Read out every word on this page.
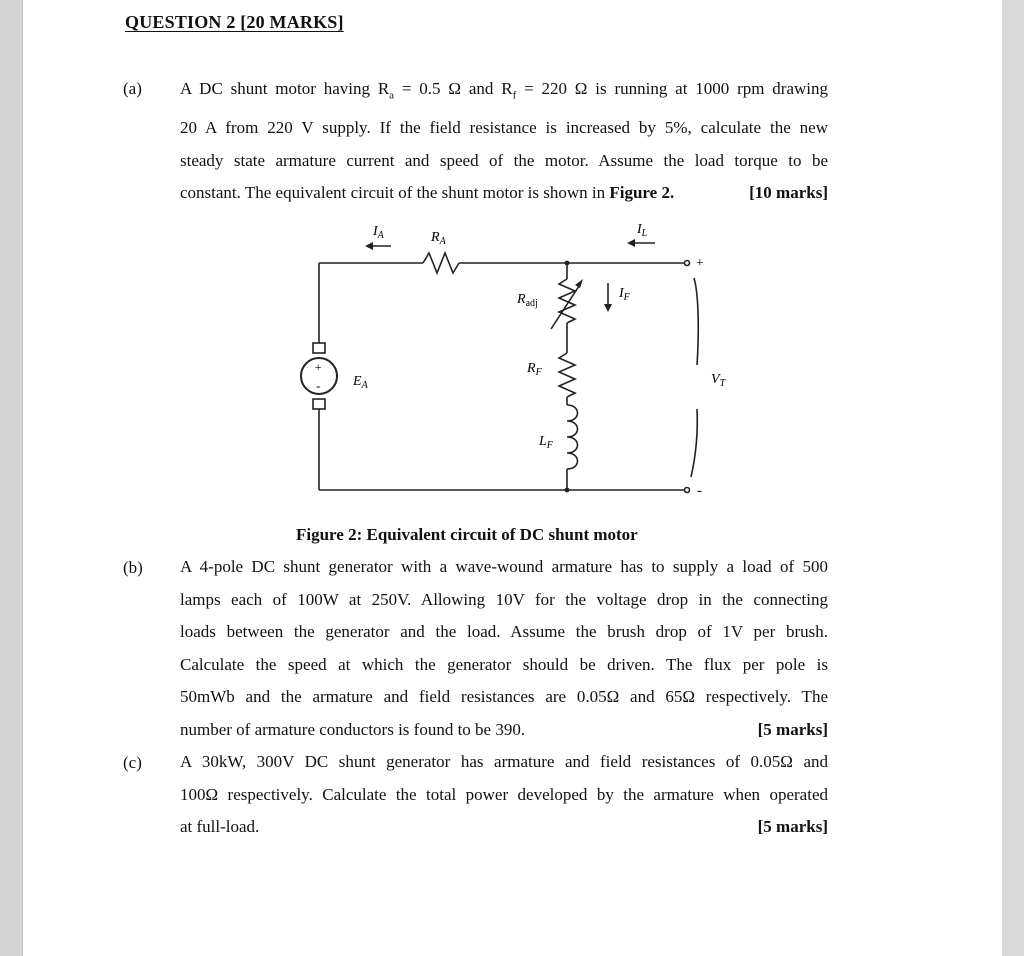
QUESTION 2 [20 MARKS]
(a) A DC shunt motor having $R_a = 0.5$ Ω and $R_f = 220$ Ω is running at 1000 rpm drawing
20 A from 220 V supply. If the field resistance is increased by 5%, calculate the new
steady state armature current and speed of the motor. Assume the load torque to be
constant. The equivalent circuit of the shunt motor is shown in Figure 2.	[10 marks]
+
-
$I_A$	$R_A$
$I_L$
+
-
$R_{adj}$
$I_F$
$R_F$
$L_F$
$E_A$	$V_T$
Figure 2: Equivalent circuit of DC shunt motor
(b) A 4-pole DC shunt generator with a wave-wound armature has to supply a load of 500
lamps each of 100W at 250V. Allowing 10V for the voltage drop in the connecting
loads between the generator and the load. Assume the brush drop of 1V per brush.
Calculate the speed at which the generator should be driven. The flux per pole is
50mWb and the armature and field resistances are 0.05Ω and 65Ω respectively. The
number of armature conductors is found to be 390.	[5 marks]
(c) A 30kW, 300V DC shunt generator has armature and field resistances of 0.05Ω and
100Ω respectively. Calculate the total power developed by the armature when operated
at full-load.	[5 marks]
